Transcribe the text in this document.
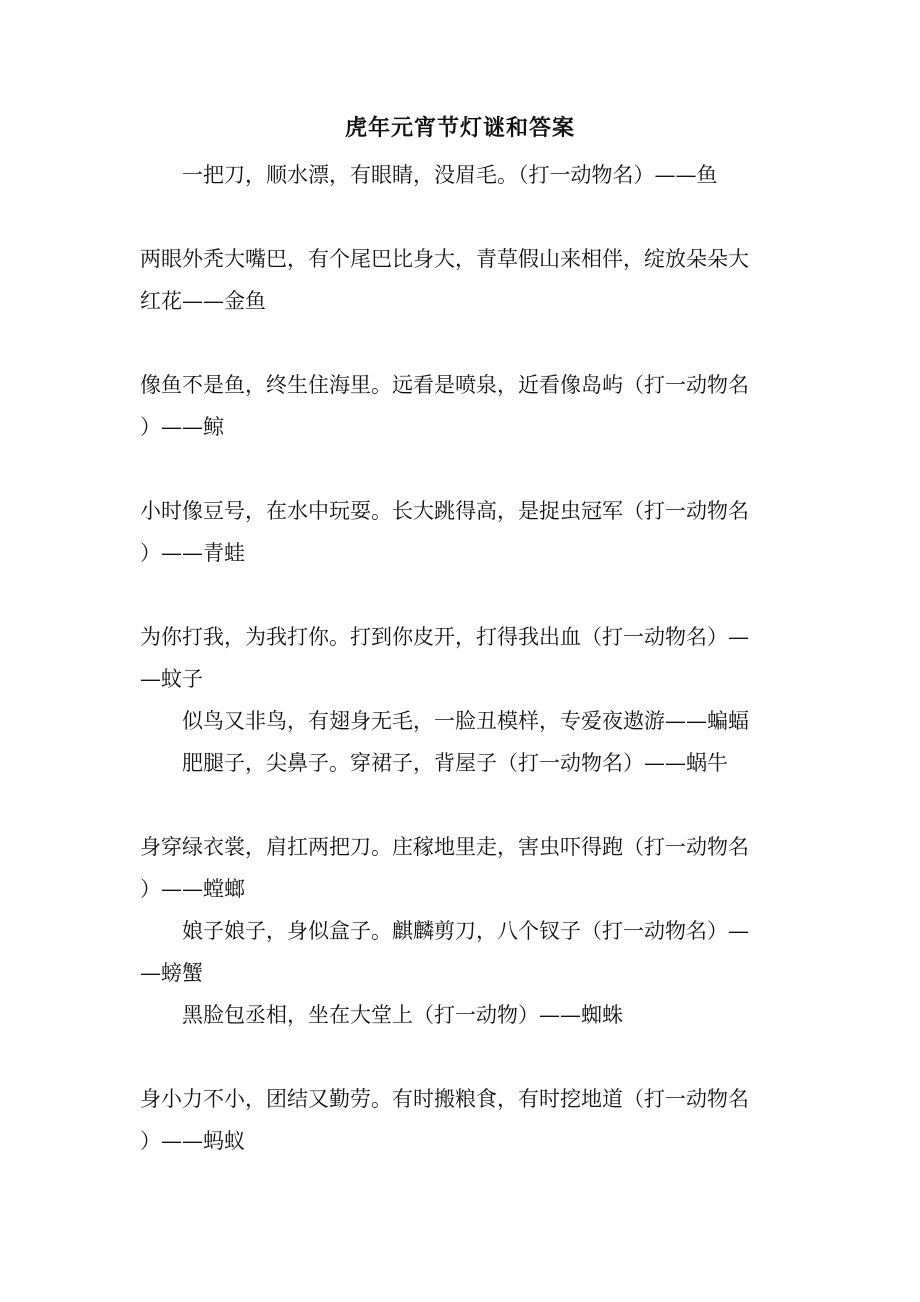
虎年元宵节灯谜和答案
一把刀，顺水漂，有眼睛，没眉毛。（打一动物名）——鱼
两眼外秃大嘴巴，有个尾巴比身大，青草假山来相伴，绽放朵朵大
红花——金鱼
像鱼不是鱼，终生住海里。远看是喷泉，近看像岛屿（打一动物名
）——鲸
小时像豆号，在水中玩耍。长大跳得高，是捉虫冠军（打一动物名
）——青蛙
为你打我，为我打你。打到你皮开，打得我出血（打一动物名）—
—蚊子
似鸟又非鸟，有翅身无毛，一脸丑模样，专爱夜遨游——蝙蝠
肥腿子，尖鼻子。穿裙子，背屋子（打一动物名）——蜗牛
身穿绿衣裳，肩扛两把刀。庄稼地里走，害虫吓得跑（打一动物名
）——螳螂
娘子娘子，身似盒子。麒麟剪刀，八个钗子（打一动物名）—
—螃蟹
黑脸包丞相，坐在大堂上（打一动物）——蜘蛛
身小力不小，团结又勤劳。有时搬粮食，有时挖地道（打一动物名
）——蚂蚁
